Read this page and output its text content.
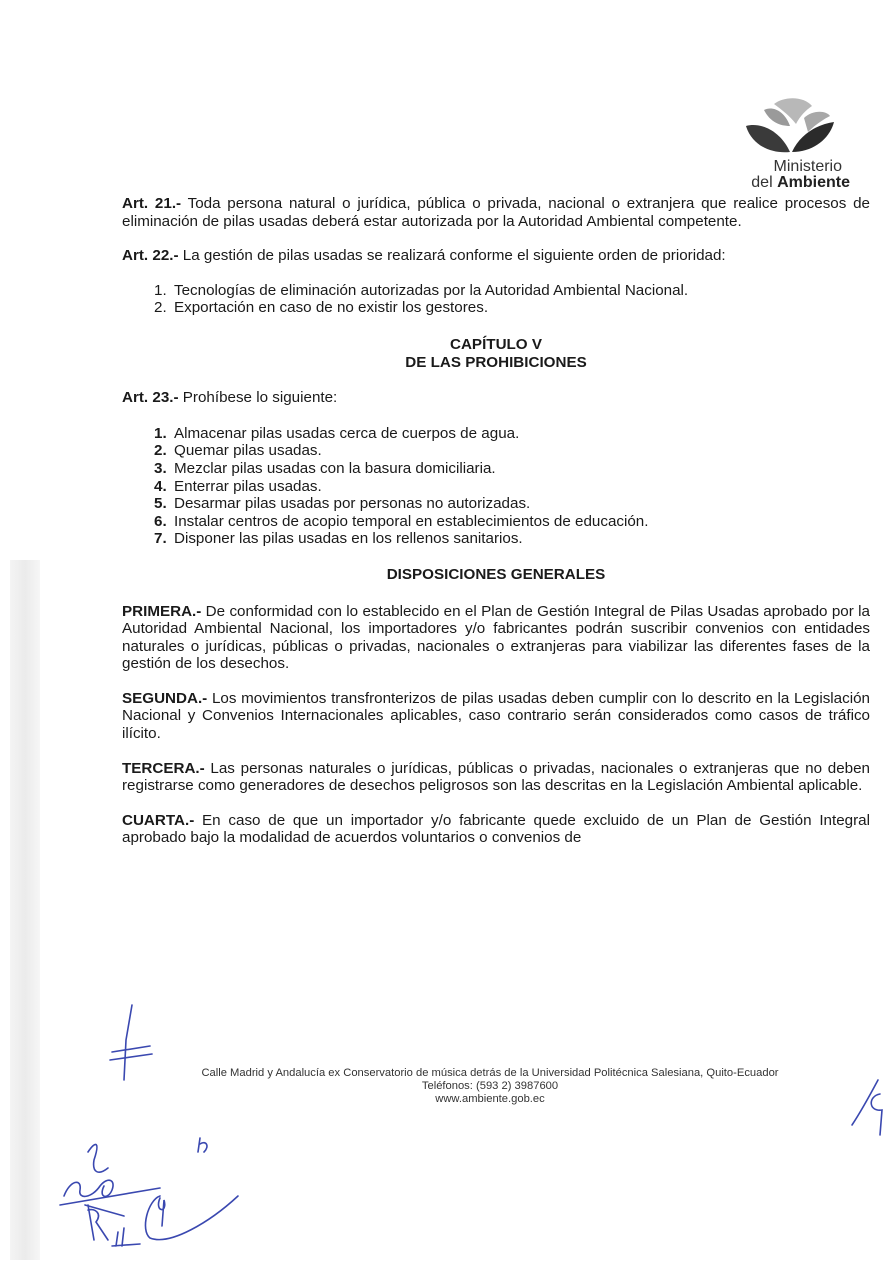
Ministerio
del Ambiente

Art. 21.- Toda persona natural o jurídica, pública o privada, nacional o extranjera que realice procesos de eliminación de pilas usadas deberá estar autorizada por la Autoridad Ambiental competente.

Art. 22.- La gestión de pilas usadas se realizará conforme el siguiente orden de prioridad:

1. Tecnologías de eliminación autorizadas por la Autoridad Ambiental Nacional.
2. Exportación en caso de no existir los gestores.
CAPÍTULO V
DE LAS PROHIBICIONES

Art. 23.- Prohíbese lo siguiente:

1. Almacenar pilas usadas cerca de cuerpos de agua.
2. Quemar pilas usadas.
3. Mezclar pilas usadas con la basura domiciliaria.
4. Enterrar pilas usadas.
5. Desarmar pilas usadas por personas no autorizadas.
6. Instalar centros de acopio temporal en establecimientos de educación.
7. Disponer las pilas usadas en los rellenos sanitarios.
DISPOSICIONES GENERALES

PRIMERA.- De conformidad con lo establecido en el Plan de Gestión Integral de Pilas Usadas aprobado por la Autoridad Ambiental Nacional, los importadores y/o fabricantes podrán suscribir convenios con entidades naturales o jurídicas, públicas o privadas, nacionales o extranjeras para viabilizar las diferentes fases de la gestión de los desechos.

SEGUNDA.- Los movimientos transfronterizos de pilas usadas deben cumplir con lo descrito en la Legislación Nacional y Convenios Internacionales aplicables, caso contrario serán considerados como casos de tráfico ilícito.

TERCERA.- Las personas naturales o jurídicas, públicas o privadas, nacionales o extranjeras que no deben registrarse como generadores de desechos peligrosos son las descritas en la Legislación Ambiental aplicable.

CUARTA.- En caso de que un importador y/o fabricante quede excluido de un Plan de Gestión Integral aprobado bajo la modalidad de acuerdos voluntarios o convenios de

Calle Madrid y Andalucía ex Conservatorio de música detrás de la Universidad Politécnica Salesiana, Quito-Ecuador
Teléfonos: (593 2) 3987600
www.ambiente.gob.ec
